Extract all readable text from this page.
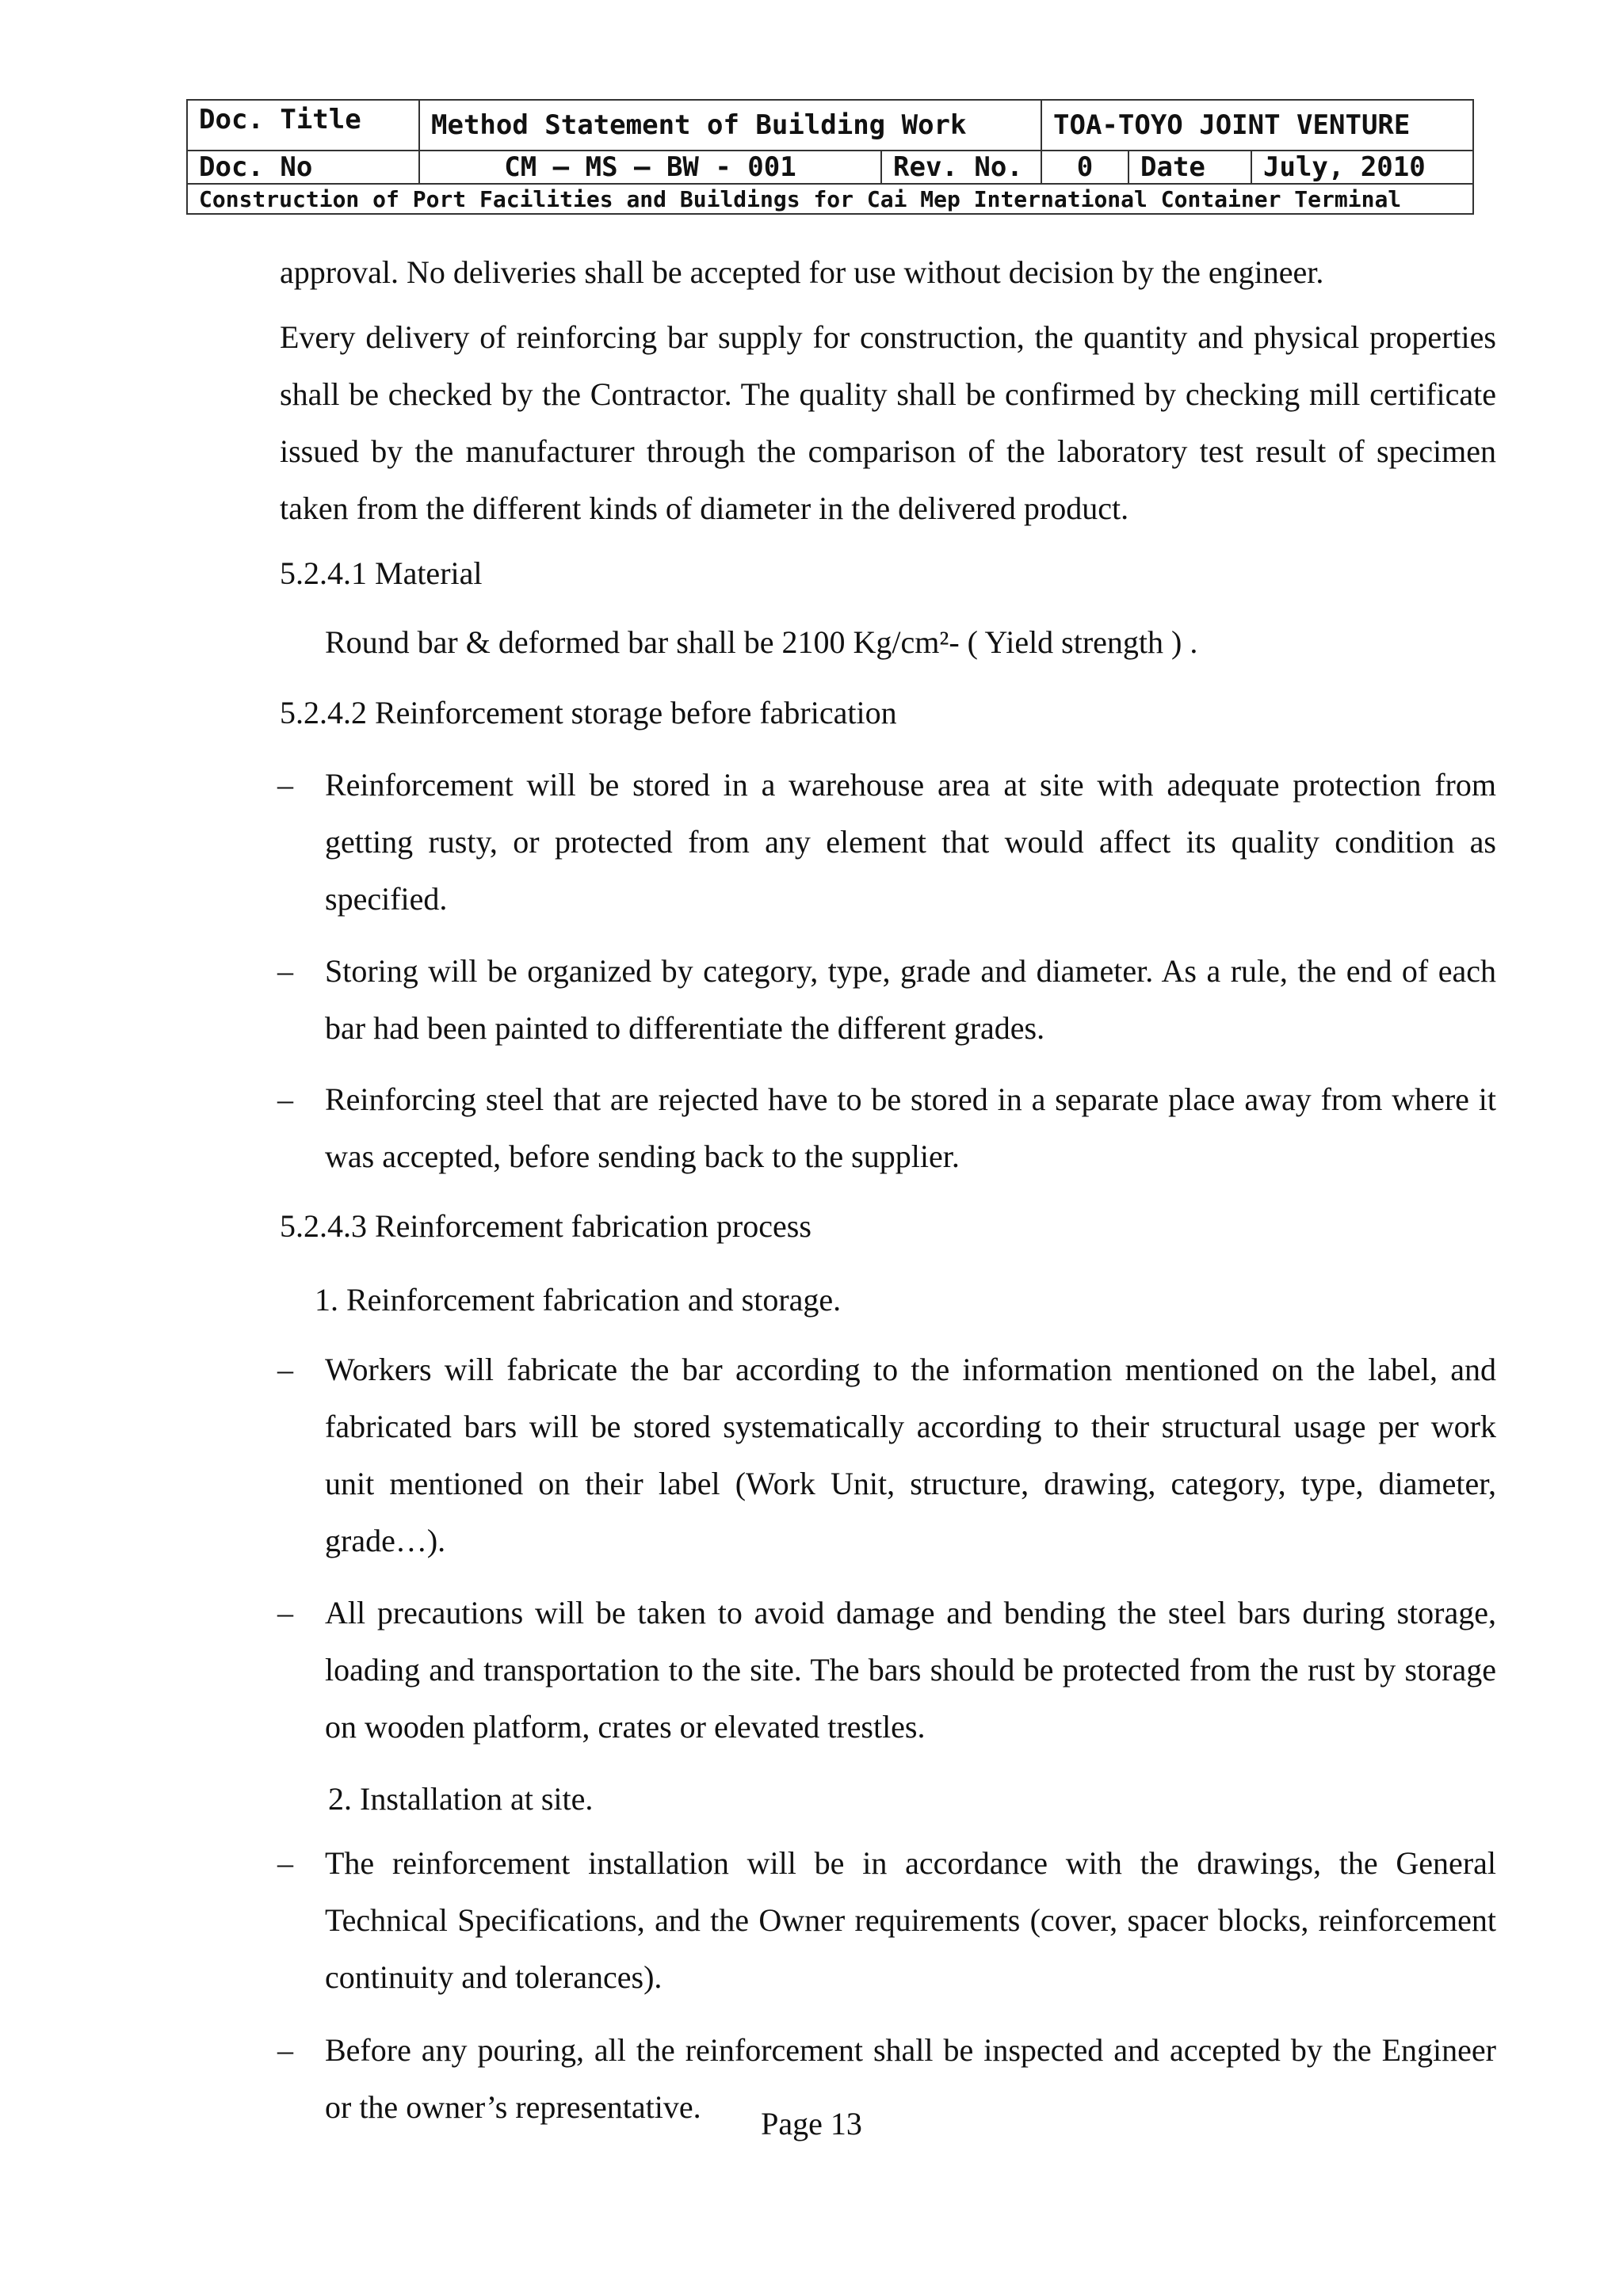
Doc. Title	Method Statement of Building Work		TOA-TOYO JOINT VENTURE		
Doc. No	CM – MS – BW - 001	Rev. No.	0	Date	July, 2010
Construction of Port Facilities and Buildings for Cai Mep International Container Terminal					
approval. No deliveries shall be accepted for use without decision by the engineer.
Every delivery of reinforcing bar supply for construction, the quantity and physical properties shall be checked by the Contractor. The quality shall be confirmed by checking mill certificate issued by the manufacturer through the comparison of the laboratory test result of specimen taken from the different kinds of diameter in the delivered product.
5.2.4.1 Material
Round bar & deformed bar shall be 2100 Kg/cm²- ( Yield strength ) .
5.2.4.2 Reinforcement storage before fabrication
– Reinforcement will be stored in a warehouse area at site with adequate protection from getting rusty, or protected from any element that would affect its quality condition as specified.
– Storing will be organized by category, type, grade and diameter. As a rule, the end of each bar had been painted to differentiate the different grades.
– Reinforcing steel that are rejected have to be stored in a separate place away from where it was accepted, before sending back to the supplier.
5.2.4.3 Reinforcement fabrication process
1. Reinforcement fabrication and storage.
– Workers will fabricate the bar according to the information mentioned on the label, and fabricated bars will be stored systematically according to their structural usage per work unit mentioned on their label (Work Unit, structure, drawing, category, type, diameter, grade…).
– All precautions will be taken to avoid damage and bending the steel bars during storage, loading and transportation to the site. The bars should be protected from the rust by storage on wooden platform, crates or elevated trestles.
2. Installation at site.
– The reinforcement installation will be in accordance with the drawings, the General Technical Specifications, and the Owner requirements (cover, spacer blocks, reinforcement continuity and tolerances).
– Before any pouring, all the reinforcement shall be inspected and accepted by the Engineer or the owner’s representative.	Page 13
